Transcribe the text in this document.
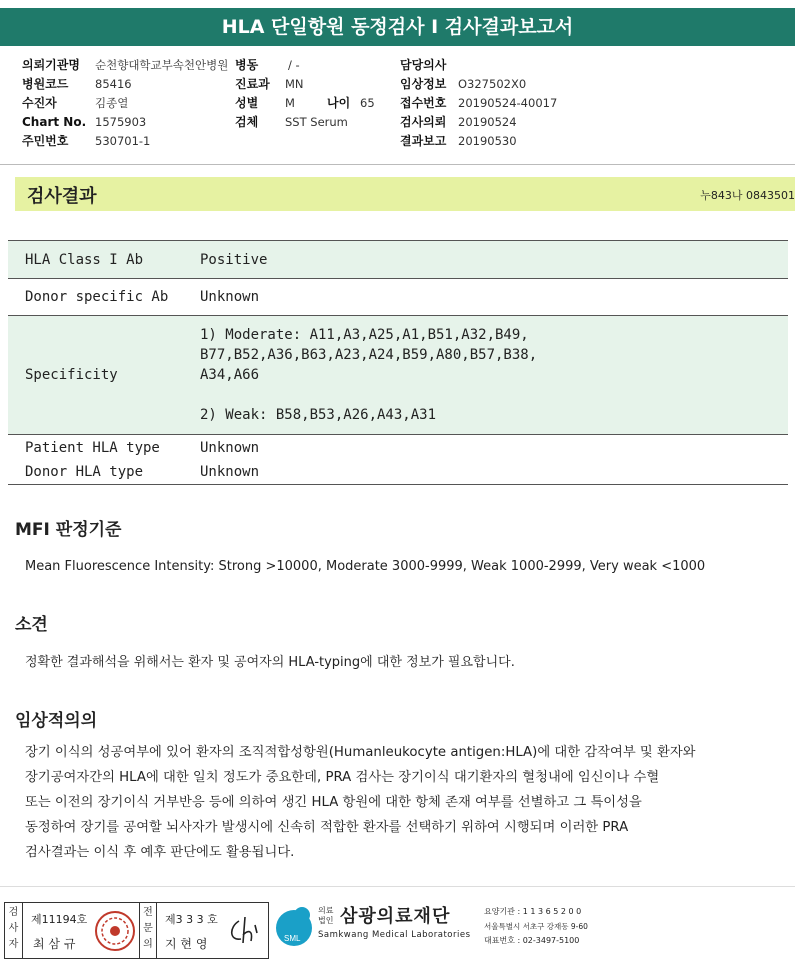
HLA 단일항원 동정검사 I 검사결과보고서
의뢰기관명 순천향대학교부속천안병원 병동	/ -	담당의사
병원코드 85416	진료과 MN	임상정보 O327502X0
수진자	김종열	성별 M	나이 65 접수번호 20190524-40017
Chart No. 1575903	검체 SST Serum	검사의뢰 20190524
주민번호 530701-1	결과보고 20190530
검사결과	누843나 0843501
HLA Class I Ab	Positive
Donor specific Ab	Unknown
Specificity	1) Moderate: A11,A3,A25,A1,B51,A32,B49,
B77,B52,A36,B63,A23,A24,B59,A80,B57,B38,
A34,A66
2) Weak: B58,B53,A26,A43,A31

Patient HLA type	Unknown
Donor HLA type	Unknown
MFI 판정기준
Mean Fluorescence Intensity: Strong >10000, Moderate 3000-9999, Weak 1000-2999, Very weak <1000
소견
정확한 결과해석을 위해서는 환자 및 공여자의 HLA-typing에 대한 정보가 필요합니다.
임상적의의
장기 이식의 성공여부에 있어 환자의 조직적합성항원(Humanleukocyte antigen:HLA)에 대한 감작여부 및 환자와
장기공여자간의 HLA에 대한 일치 정도가 중요한데, PRA 검사는 장기이식 대기환자의 혈청내에 임신이나 수혈
또는 이전의 장기이식 거부반응 등에 의하여 생긴 HLA 항원에 대한 항체 존재 여부를 선별하고 그 특이성을
동정하여 장기를 공여할 뇌사자가 발생시에 신속히 적합한 환자를 선택하기 위하여 시행되며 이러한 PRA
검사결과는 이식 후 예후 판단에도 활용됩니다.
검사자
제11194호
최 삼 규
전문의
제3 3 3 호
지 현 영	SML
의료법인 삼광의료재단
Samkwang Medical Laboratories
요양기관 : 1 1 3 6 5 2 0 0
서울특별시 서초구 강재동 9-60
대표번호 : 02-3497-5100
